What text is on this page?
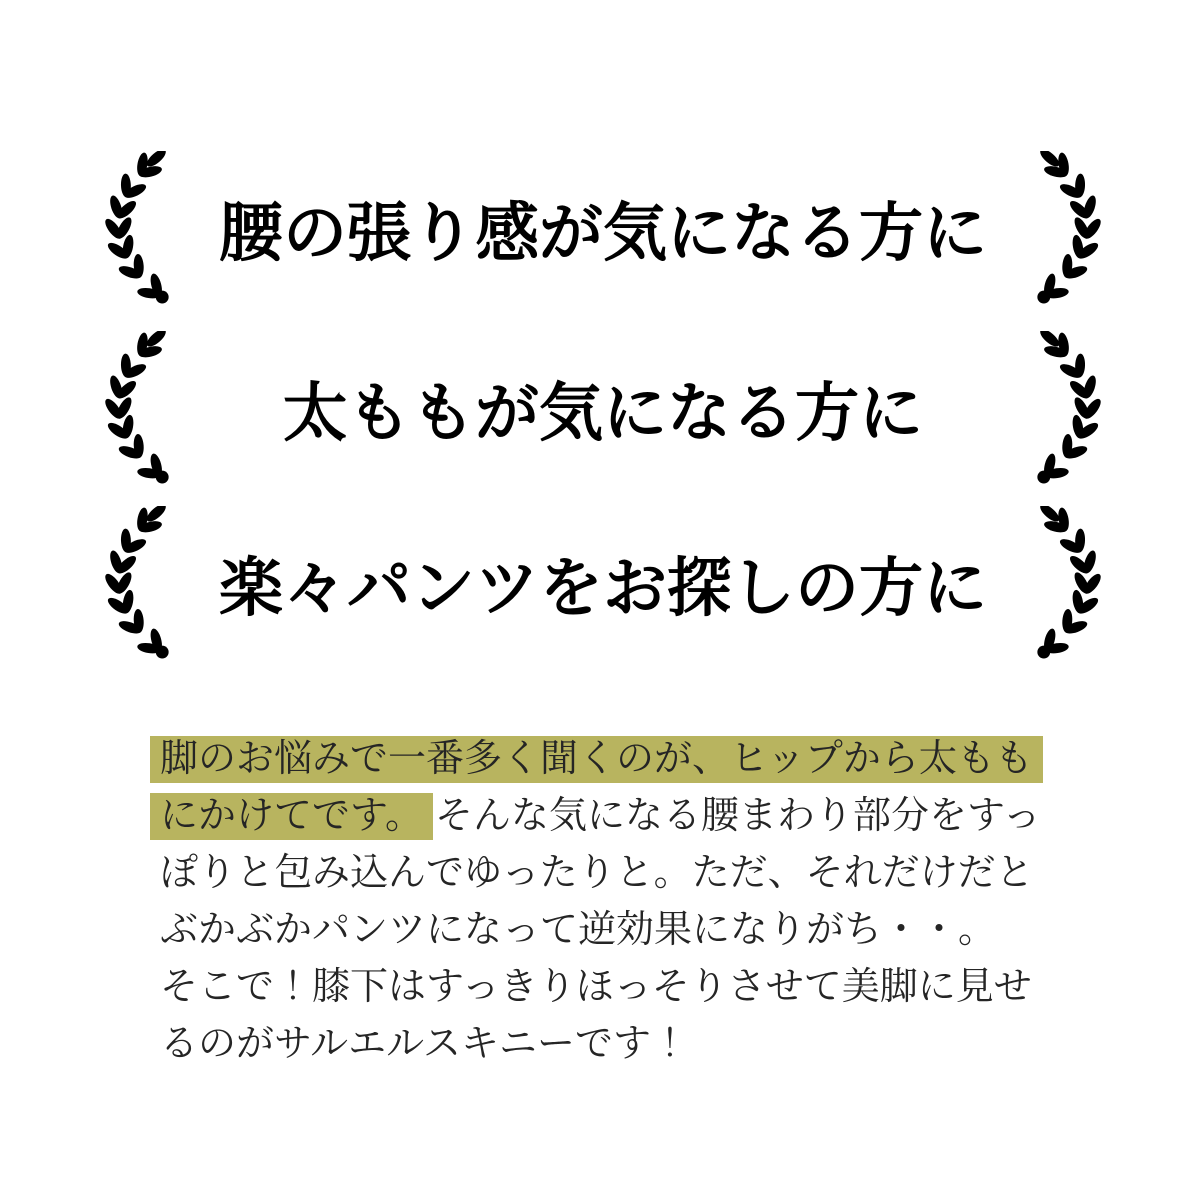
腰の張り感が気になる方に
太ももが気になる方に
楽々パンツをお探しの方に
脚のお悩みで一番多く聞くのが、ヒップから太もも
にかけてです。 そんな気になる腰まわり部分をすっ
ぽりと包み込んでゆったりと。ただ、それだけだと
ぶかぶかパンツになって逆効果になりがち・・。
そこで！膝下はすっきりほっそりさせて美脚に見せ
るのがサルエルスキニーです！
